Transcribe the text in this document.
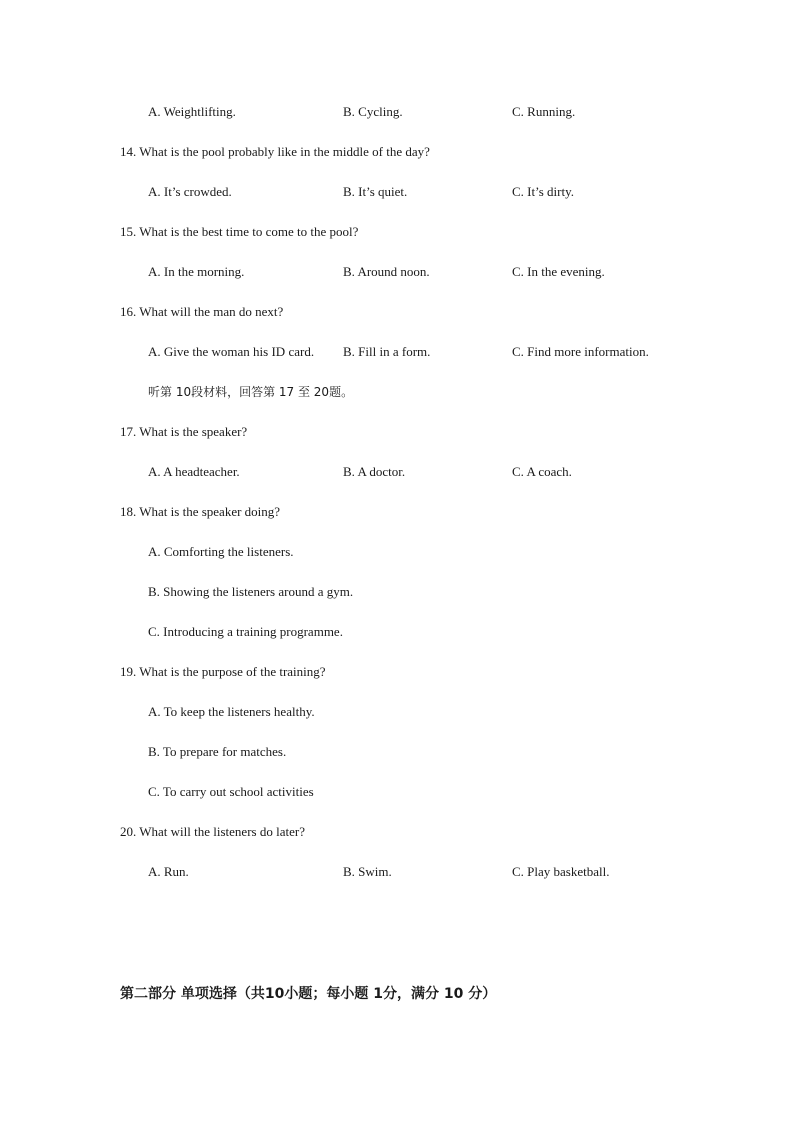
A. Weightlifting.	B. Cycling.	C. Running.
14. What is the pool probably like in the middle of the day?
A. It’s crowded.	B. It’s quiet.	C. It’s dirty.
15. What is the best time to come to the pool?
A. In the morning.	B. Around noon.	C. In the evening.
16. What will the man do next?
A. Give the woman his ID card. B. Fill in a form.	C. Find more information.
听第 10段材料，回答第 17 至 20题。
17. What is the speaker?
A. A headteacher.	B. A doctor.	C. A coach.
18. What is the speaker doing?
A. Comforting the listeners.
B. Showing the listeners around a gym.
C. Introducing a training programme.
19. What is the purpose of the training?
A. To keep the listeners healthy.
B. To prepare for matches.
C. To carry out school activities
20. What will the listeners do later?
A. Run.	B. Swim.	C. Play basketball.
第二部分 单项选择（共10小题；每小题 1分，满分 10 分）
